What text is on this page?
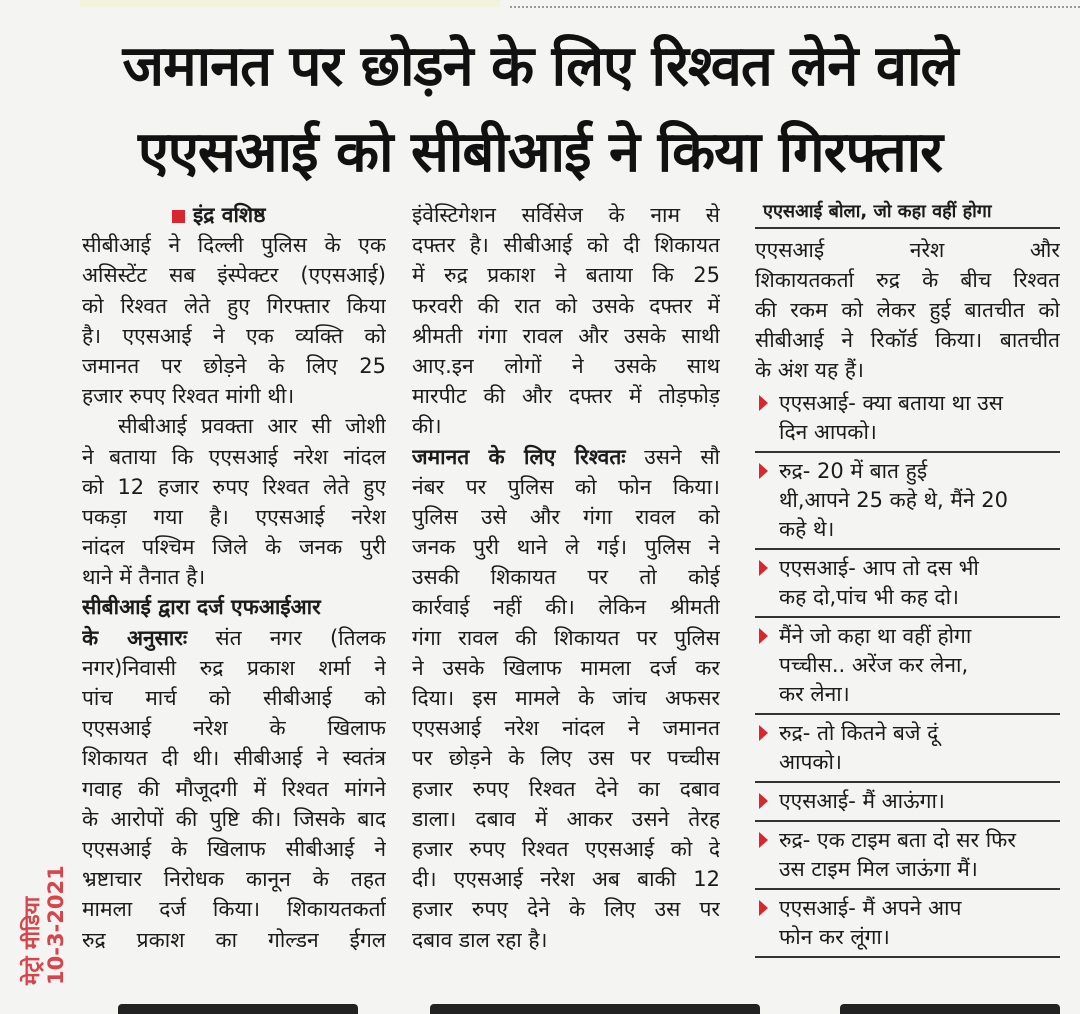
जमानत पर छोड़ने के लिए रिश्वत लेने वाले
एएसआई को सीबीआई ने किया गिरफ्तार
इंद्र वशिष्ठ
सीबीआई ने दिल्ली पुलिस के एक
असिस्टेंट सब इंस्पेक्टर (एएसआई)
को रिश्वत लेते हुए गिरफ्तार किया
है। एएसआई ने एक व्यक्ति को
जमानत पर छोड़ने के लिए 25
हजार रुपए रिश्वत मांगी थी।
सीबीआई प्रवक्ता आर सी जोशी
ने बताया कि एएसआई नरेश नांदल
को 12 हजार रुपए रिश्वत लेते हुए
पकड़ा गया है। एएसआई नरेश
नांदल पश्चिम जिले के जनक पुरी
थाने में तैनात है।
सीबीआई द्वारा दर्ज एफआईआर
के अनुसारः संत नगर (तिलक
नगर)निवासी रुद्र प्रकाश शर्मा ने
पांच मार्च को सीबीआई को
एएसआई नरेश के खिलाफ
शिकायत दी थी। सीबीआई ने स्वतंत्र
गवाह की मौजूदगी में रिश्वत मांगने
के आरोपों की पुष्टि की। जिसके बाद
एएसआई के खिलाफ सीबीआई ने
भ्रष्टाचार निरोधक कानून के तहत
मामला दर्ज किया। शिकायतकर्ता
रुद्र प्रकाश का गोल्डन ईगल
इंवेस्टिगेशन सर्विसेज के नाम से
दफ्तर है। सीबीआई को दी शिकायत
में रुद्र प्रकाश ने बताया कि 25
फरवरी की रात को उसके दफ्तर में
श्रीमती गंगा रावल और उसके साथी
आए.इन लोगों ने उसके साथ
मारपीट की और दफ्तर में तोड़फोड़
की।
जमानत के लिए रिश्वतः उसने सौ
नंबर पर पुलिस को फोन किया।
पुलिस उसे और गंगा रावल को
जनक पुरी थाने ले गई। पुलिस ने
उसकी शिकायत पर तो कोई
कार्रवाई नहीं की। लेकिन श्रीमती
गंगा रावल की शिकायत पर पुलिस
ने उसके खिलाफ मामला दर्ज कर
दिया। इस मामले के जांच अफसर
एएसआई नरेश नांदल ने जमानत
पर छोड़ने के लिए उस पर पच्चीस
हजार रुपए रिश्वत देने का दबाव
डाला। दबाव में आकर उसने तेरह
हजार रुपए रिश्वत एएसआई को दे
दी। एएसआई नरेश अब बाकी 12
हजार रुपए देने के लिए उस पर
दबाव डाल रहा है।
एएसआई बोला, जो कहा वहीं होगा
एएसआई नरेश और
शिकायतकर्ता रुद्र के बीच रिश्वत
की रकम को लेकर हुई बातचीत को
सीबीआई ने रिकॉर्ड किया। बातचीत
के अंश यह हैं।
एएसआई- क्या बताया था उस
दिन आपको।
रुद्र- 20 में बात हुई
थी,आपने 25 कहे थे, मैंने 20
कहे थे।
एएसआई- आप तो दस भी
कह दो,पांच भी कह दो।
मैंने जो कहा था वहीं होगा
पच्चीस.. अरेंज कर लेना,
कर लेना।
रुद्र- तो कितने बजे दूं
आपको।
एएसआई- मैं आऊंगा।
रुद्र- एक टाइम बता दो सर फिर
उस टाइम मिल जाऊंगा मैं।
एएसआई- मैं अपने आप
फोन कर लूंगा।
मेट्रो मीडिया 10-3-2021
